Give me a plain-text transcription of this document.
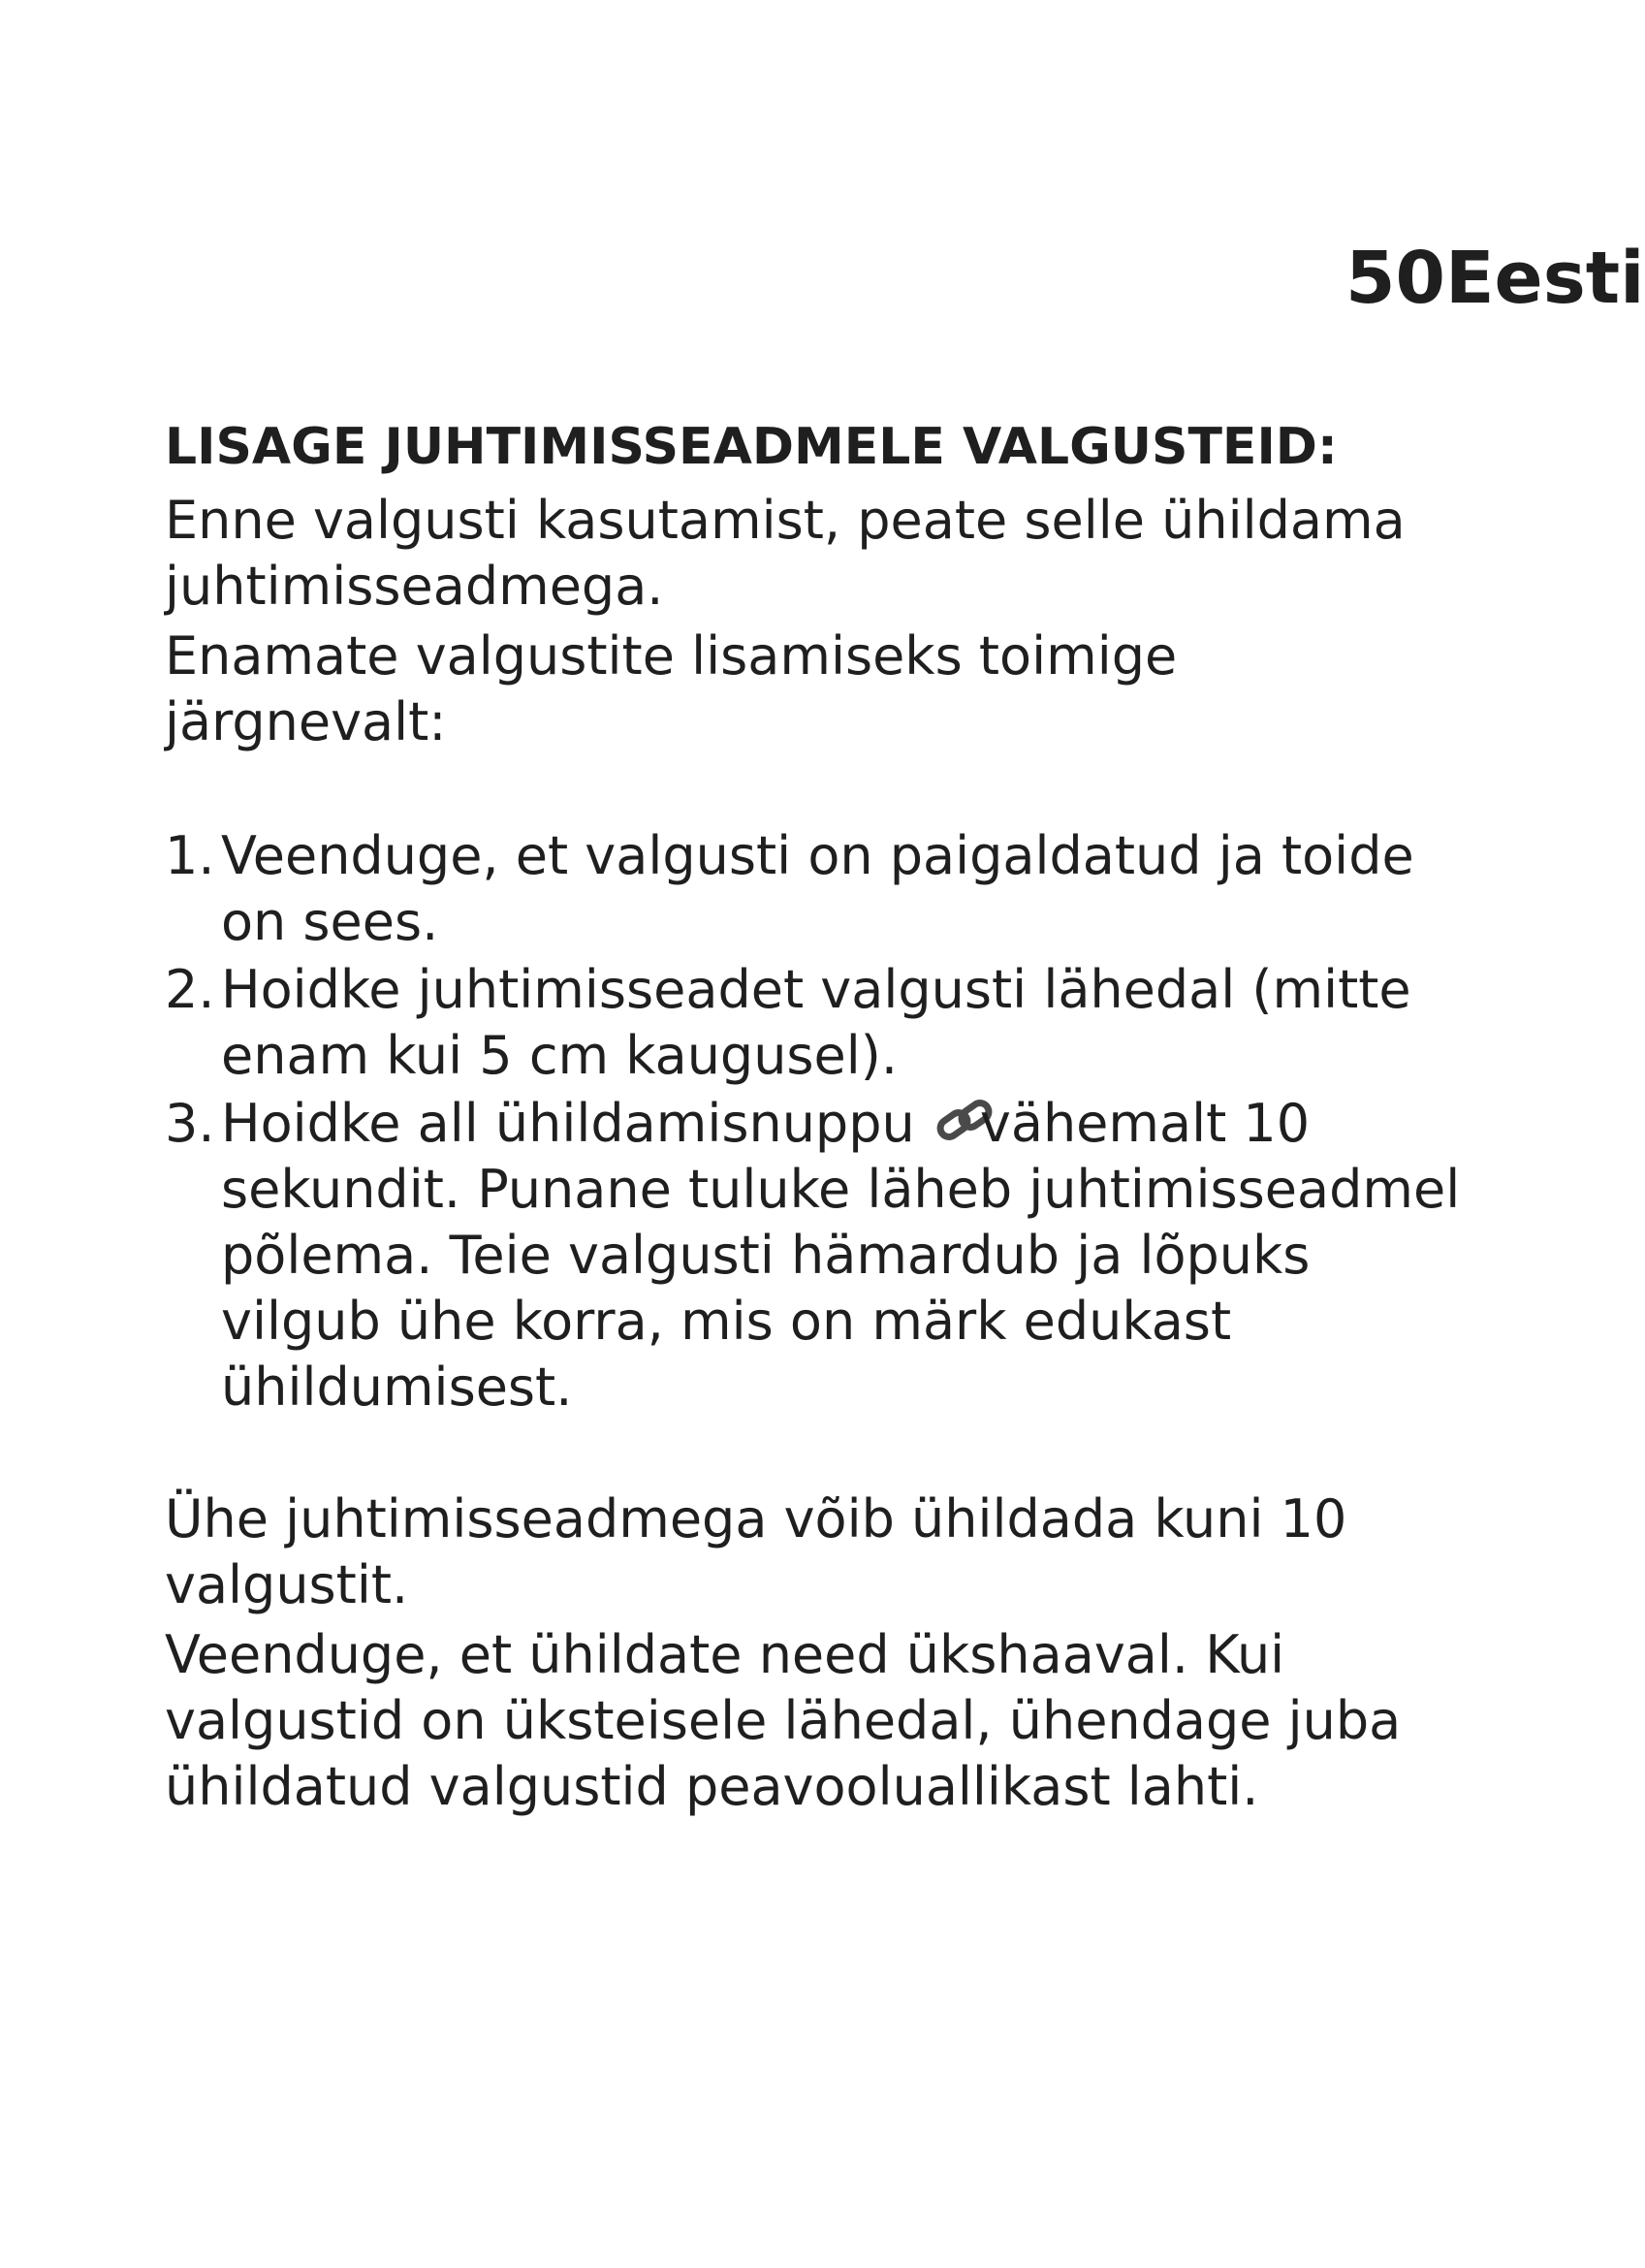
50Eesti
LISAGE JUHTIMISSEADMELE VALGUSTEID:
Enne valgusti kasutamist, peate selle ühildama juhtimisseadmega.
Enamate valgustite lisamiseks toimige järgnevalt:
1. Veenduge, et valgusti on paigaldatud ja toide on sees.
2. Hoidke juhtimisseadet valgusti lähedal (mitte enam kui 5 cm kaugusel).
3. Hoidke all ühildamisnuppu vähemalt 10 sekundit. Punane tuluke läheb juhtimisseadmel põlema. Teie valgusti hämardub ja lõpuks vilgub ühe korra, mis on märk edukast ühildumisest.
Ühe juhtimisseadmega võib ühildada kuni 10 valgustit.
Veenduge, et ühildate need ükshaaval. Kui valgustid on üksteisele lähedal, ühendage juba ühildatud valgustid peavooluallikast lahti.
